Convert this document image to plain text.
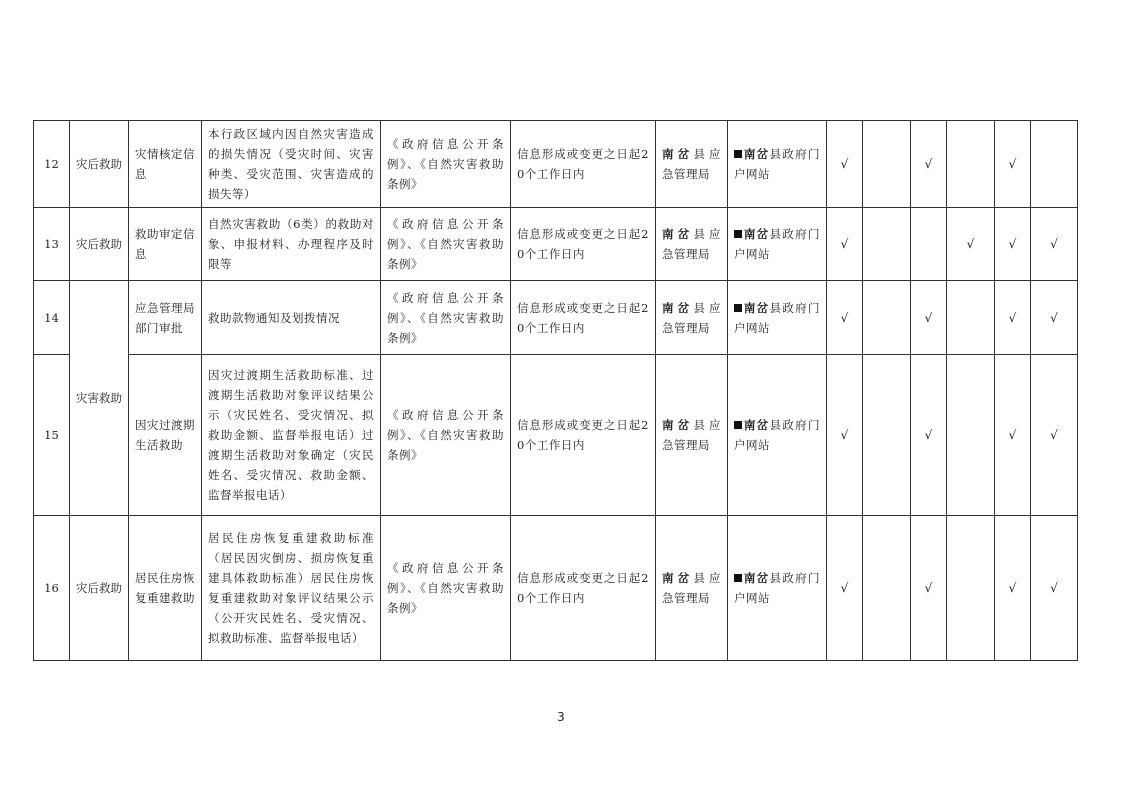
12	灾后救助	灾情核定信息	本行政区域内因自然灾害造成的损失情况（受灾时间、灾害种类、受灾范围、灾害造成的损失等）	《政府信息公开条例》、《自然灾害救助条例》	信息形成或变更之日起20个工作日内	南岔县应急管理局	南岔县政府门户网站	√		√		√	
13	灾后救助	救助审定信息	自然灾害救助（6类）的救助对象、申报材料、办理程序及时限等	《政府信息公开条例》、《自然灾害救助条例》	信息形成或变更之日起20个工作日内	南岔县应急管理局	南岔县政府门户网站	√			√	√	√
14	灾害救助	应急管理局部门审批	救助款物通知及划拨情况	《政府信息公开条例》、《自然灾害救助条例》	信息形成或变更之日起20个工作日内	南岔县应急管理局	南岔县政府门户网站	√		√		√	√
15		因灾过渡期生活救助	因灾过渡期生活救助标准、过渡期生活救助对象评议结果公示（灾民姓名、受灾情况、拟救助金额、监督举报电话）过渡期生活救助对象确定（灾民姓名、受灾情况、救助金额、监督举报电话）	《政府信息公开条例》、《自然灾害救助条例》	信息形成或变更之日起20个工作日内	南岔县应急管理局	南岔县政府门户网站	√		√		√	√
16	灾后救助	居民住房恢复重建救助	居民住房恢复重建救助标准（居民因灾倒房、损房恢复重建具体救助标准）居民住房恢复重建救助对象评议结果公示（公开灾民姓名、受灾情况、拟救助标准、监督举报电话）	《政府信息公开条例》、《自然灾害救助条例》	信息形成或变更之日起20个工作日内	南岔县应急管理局	南岔县政府门户网站	√		√		√	√
3
